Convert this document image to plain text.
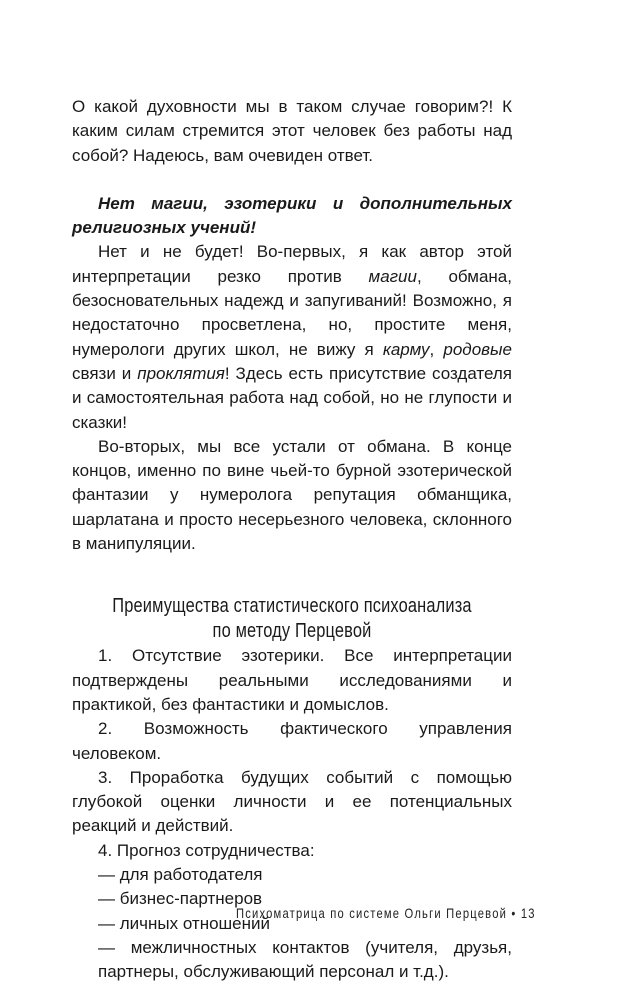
О какой духовности мы в таком случае говорим?! К каким силам стремится этот человек без работы над собой? Надеюсь, вам очевиден ответ.

Нет магии, эзотерики и дополнительных религиозных учений!

Нет и не будет! Во-первых, я как автор этой интерпретации резко против магии, обмана, безосновательных надежд и запугиваний! Возможно, я недостаточно просветлена, но, простите меня, нумерологи других школ, не вижу я карму, родовые связи и проклятия! Здесь есть присутствие создателя и самостоятельная работа над собой, но не глупости и сказки!

Во-вторых, мы все устали от обмана. В конце концов, именно по вине чьей-то бурной эзотерической фантазии у нумеролога репутация обманщика, шарлатана и просто несерьезного человека, склонного в манипуляции.

Преимущества статистического психоанализа
по методу Перцевой

1. Отсутствие эзотерики. Все интерпретации подтверждены реальными исследованиями и практикой, без фантастики и домыслов.

2. Возможность фактического управления человеком.

3. Проработка будущих событий с помощью глубокой оценки личности и ее потенциальных реакций и действий.

4. Прогноз сотрудничества:

— для работодателя

— бизнес-партнеров

— личных отношений

— межличностных контактов (учителя, друзья, партнеры, обслуживающий персонал и т.д.).

Психоматрица по системе Ольги Перцевой • 13
